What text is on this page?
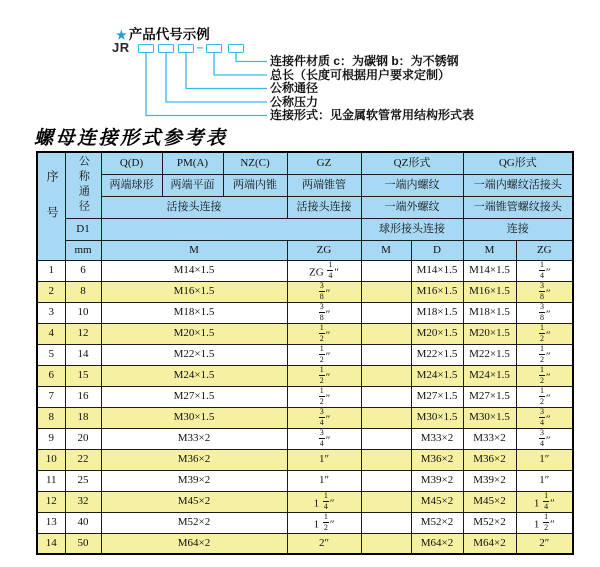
★ 产品代号示例
JR	–
连接件材质 c：为碳钢 b：为不锈钢
总长（长度可根据用户要求定制）
公称通径
公称压力
连接形式：见金属软管常用结构形式表
螺母连接形式参考表
序号	公称通径	Q(D)	PM(A)	NZ(C)	GZ	QZ形式		QG形式	
		两端球形	两端平面	两端内锥	两端锥管	一端内螺纹		一端内螺纹活接头	
		活接头连接			活接头连接	一端外螺纹		一端锥管螺纹接头	
	D1					球形接头连接		连接	
	mm	M			ZG	M	D	M	ZG
1	6	M14×1.5			ZG $\frac{1}{4}$ ″		M14×1.5	M14×1.5	$\frac{1}{4}$ ″
2	8	M16×1.5			$\frac{3}{8}$ ″		M16×1.5	M16×1.5	$\frac{3}{8}$ ″
3	10	M18×1.5			$\frac{3}{8}$ ″		M18×1.5	M18×1.5	$\frac{3}{8}$ ″
4	12	M20×1.5			$\frac{1}{2}$ ″		M20×1.5	M20×1.5	$\frac{1}{2}$ ″
5	14	M22×1.5			$\frac{1}{2}$ ″		M22×1.5	M22×1.5	$\frac{1}{2}$ ″
6	15	M24×1.5			$\frac{1}{2}$ ″		M24×1.5	M24×1.5	$\frac{1}{2}$ ″
7	16	M27×1.5			$\frac{1}{2}$ ″		M27×1.5	M27×1.5	$\frac{1}{2}$ ″
8	18	M30×1.5			$\frac{3}{4}$ ″		M30×1.5	M30×1.5	$\frac{3}{4}$ ″
9	20	M33×2			$\frac{3}{4}$ ″		M33×2	M33×2	$\frac{3}{4}$ ″
10	22	M36×2			1″		M36×2	M36×2	1″
11	25	M39×2			1″		M39×2	M39×2	1″
12	32	M45×2			$1 \frac{1}{4}$ ″		M45×2	M45×2	$1 \frac{1}{4}$ ″
13	40	M52×2			$1 \frac{1}{2}$ ″		M52×2	M52×2	$1 \frac{1}{2}$ ″
14	50	M64×2			2″		M64×2	M64×2	2″
